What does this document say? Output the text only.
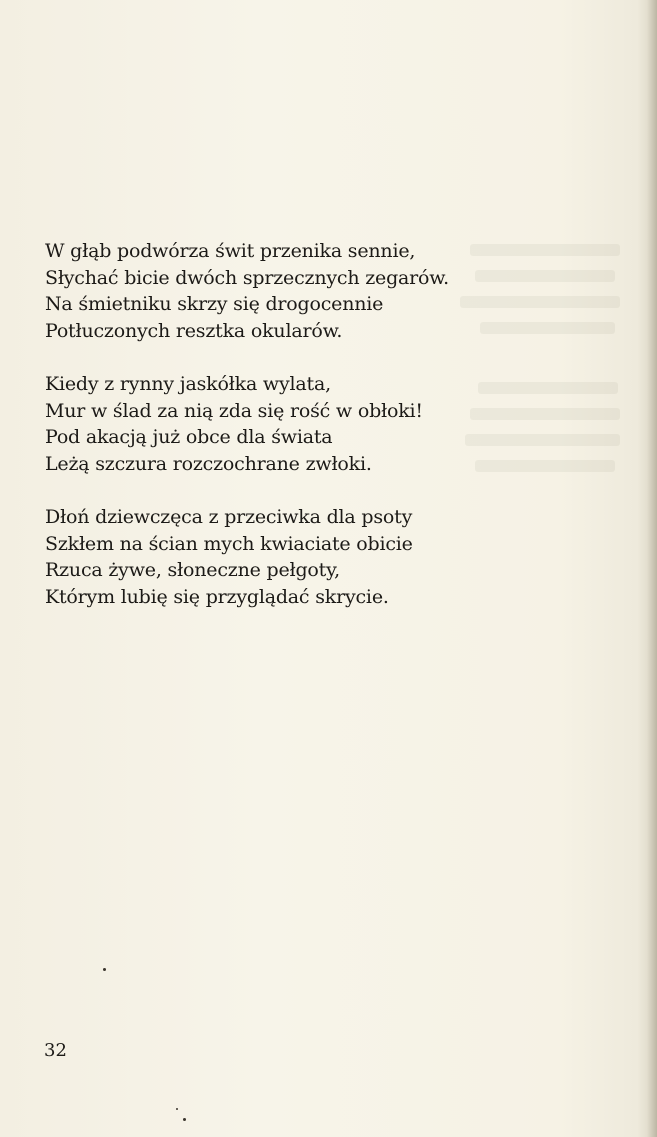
W głąb podwórza świt przenika sennie,
Słychać bicie dwóch sprzecznych zegarów.
Na śmietniku skrzy się drogocennie
Potłuczonych resztka okularów.
Kiedy z rynny jaskółka wylata,
Mur w ślad za nią zda się rość w obłoki!
Pod akacją już obce dla świata
Leżą szczura rozczochrane zwłoki.
Dłoń dziewczęca z przeciwka dla psoty
Szkłem na ścian mych kwiaciate obicie
Rzuca żywe, słoneczne pełgoty,
Którym lubię się przyglądać skrycie.
32
